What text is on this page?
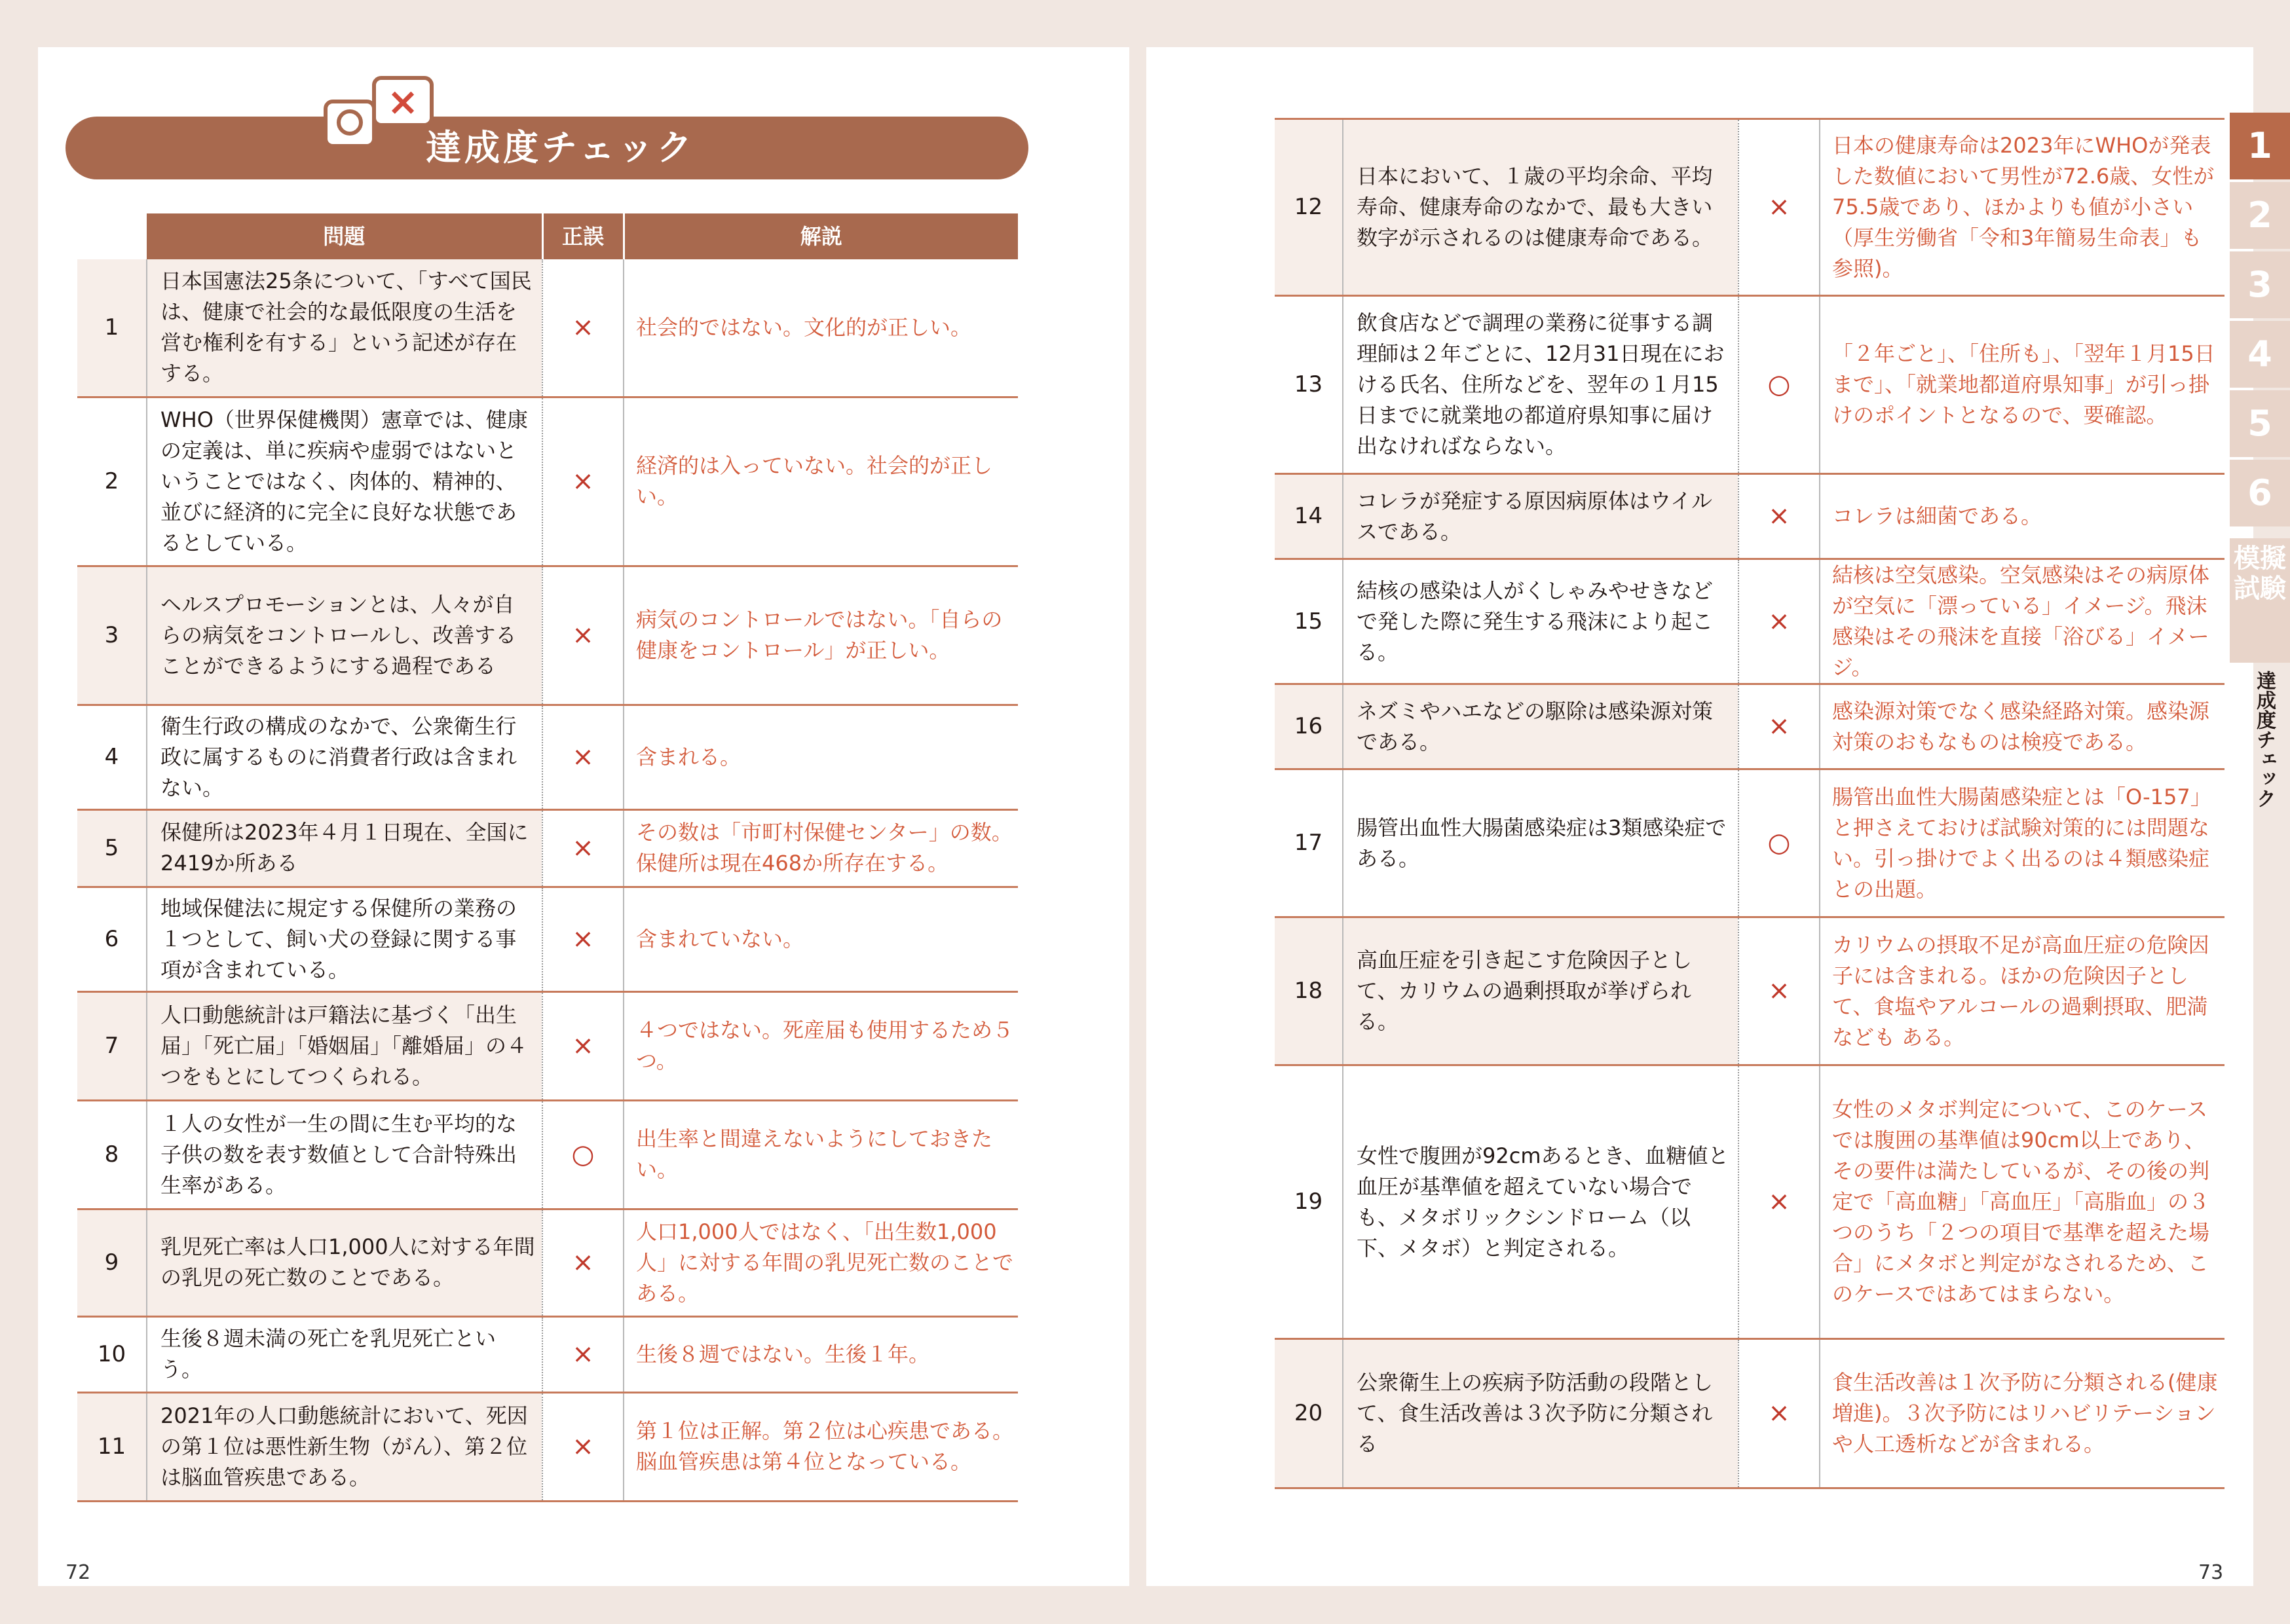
×
達成度チェック
	問題	正誤	解説
1	日本国憲法25条について、「すべて国民は、健康で社会的な最低限度の生活を営む権利を有する」という記述が存在する。	×	社会的ではない。文化的が正しい。
2	WHO（世界保健機関）憲章では、健康の定義は、単に疾病や虚弱ではないということではなく、肉体的、精神的、並びに経済的に完全に良好な状態であるとしている。	×	経済的は入っていない。社会的が正しい。
3	ヘルスプロモーションとは、人々が自らの病気をコントロールし、改善することができるようにする過程である	×	病気のコントロールではない。「自らの健康をコントロール」が正しい。
4	衛生行政の構成のなかで、公衆衛生行政に属するものに消費者行政は含まれない。	×	含まれる。
5	保健所は2023年４月１日現在、全国に2419か所ある	×	その数は「市町村保健センター」の数。保健所は現在468か所存在する。
6	地域保健法に規定する保健所の業務の１つとして、飼い犬の登録に関する事項が含まれている。	×	含まれていない。
7	人口動態統計は戸籍法に基づく「出生届」「死亡届」「婚姻届」「離婚届」の４つをもとにしてつくられる。	×	４つではない。死産届も使用するため５つ。
8	１人の女性が一生の間に生む平均的な子供の数を表す数値として合計特殊出生率がある。	○	出生率と間違えないようにしておきたい。
9	乳児死亡率は人口1,000人に対する年間の乳児の死亡数のことである。	×	人口1,000人ではなく、「出生数1,000人」に対する年間の乳児死亡数のことである。
10	生後８週未満の死亡を乳児死亡という。	×	生後８週ではない。生後１年。
11	2021年の人口動態統計において、死因の第１位は悪性新生物（がん）、第２位は脳血管疾患である。	×	第１位は正解。第２位は心疾患である。脳血管疾患は第４位となっている。
12	日本において、１歳の平均余命、平均寿命、健康寿命のなかで、最も大きい数字が示されるのは健康寿命である。	×	日本の健康寿命は2023年にWHOが発表した数値において男性が72.6歳、女性が75.5歳であり、ほかよりも値が小さい（厚生労働省「令和3年簡易生命表」も参照)。
13	飲食店などで調理の業務に従事する調理師は２年ごとに、12月31日現在における氏名、住所などを、翌年の１月15日までに就業地の都道府県知事に届け出なければならない。	○	「２年ごと」、「住所も」、「翌年１月15日まで」、「就業地都道府県知事」が引っ掛けのポイントとなるので、要確認。
14	コレラが発症する原因病原体はウイルスである。	×	コレラは細菌である。
15	結核の感染は人がくしゃみやせきなどで発した際に発生する飛沫により起こる。	×	結核は空気感染。空気感染はその病原体が空気に「漂っている」イメージ。飛沫感染はその飛沫を直接「浴びる」イメージ。
16	ネズミやハエなどの駆除は感染源対策である。	×	感染源対策でなく感染経路対策。感染源対策のおもなものは検疫である。
17	腸管出血性大腸菌感染症は3類感染症である。	○	腸管出血性大腸菌感染症とは「O-157」と押さえておけば試験対策的には問題ない。引っ掛けでよく出るのは４類感染症との出題。
18	高血圧症を引き起こす危険因子として、カリウムの過剰摂取が挙げられる。	×	カリウムの摂取不足が高血圧症の危険因子には含まれる。ほかの危険因子として、食塩やアルコールの過剰摂取、肥満なども ある。
19	女性で腹囲が92cmあるとき、血糖値と血圧が基準値を超えていない場合でも、メタボリックシンドローム（以下、メタボ）と判定される。	×	女性のメタボ判定について、このケースでは腹囲の基準値は90cm以上であり、その要件は満たしているが、その後の判定で「高血糖」「高血圧」「高脂血」の３つのうち「２つの項目で基準を超えた場合」にメタボと判定がなされるため、このケースではあてはまらない。
20	公衆衛生上の疾病予防活動の段階として、食生活改善は３次予防に分類される	×	食生活改善は１次予防に分類される(健康増進)。３次予防にはリハビリテーションや人工透析などが含まれる。
72	73
1
2
3
4
5
6
模擬試験
達成度チェック
